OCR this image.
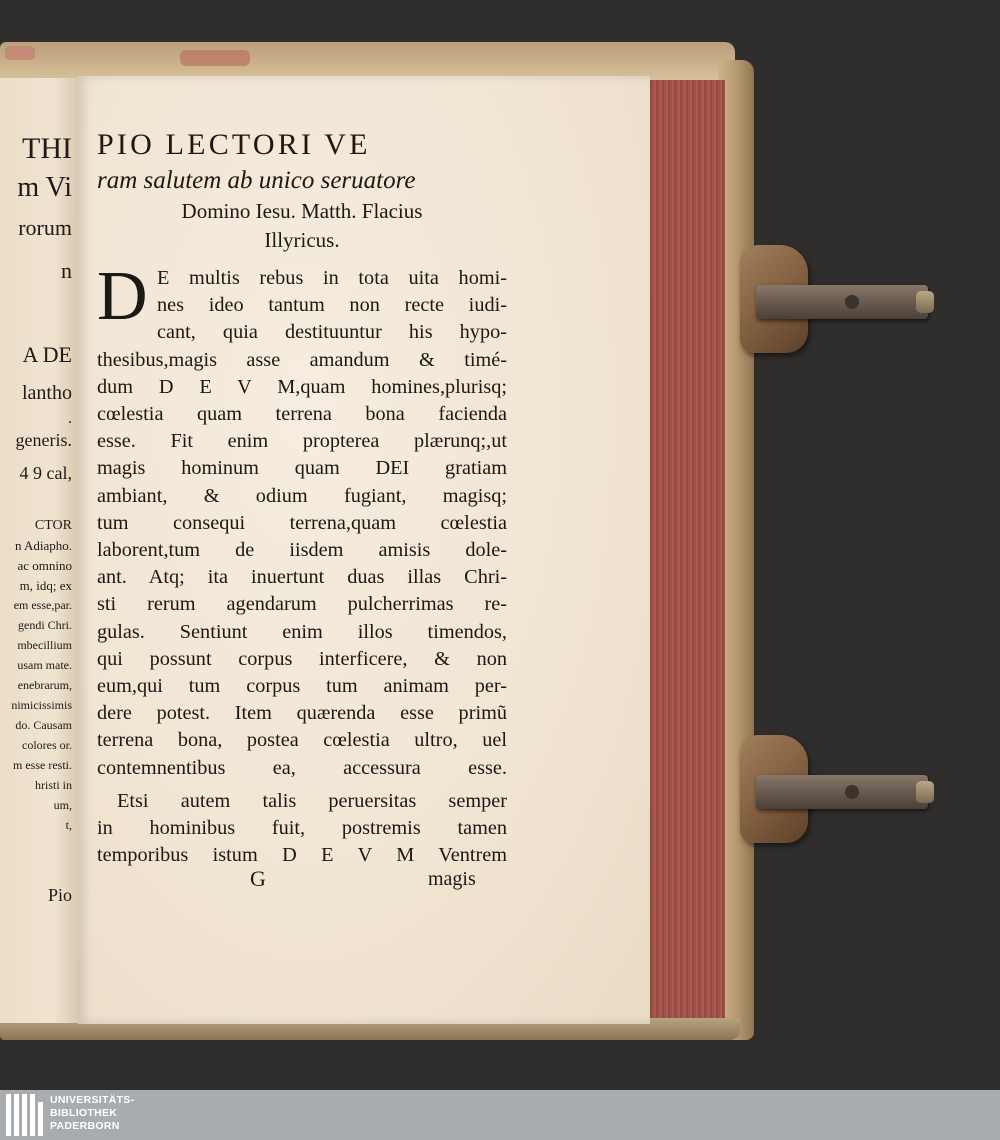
THI
m Vi
rorum
n
A DE
lantho
.
generis.
4 9 cal,
CTOR
n Adiapho.
ac omnino
m, idq; ex
em esse,par.
gendi Chri.
mbecillium
usam mate.
enebrarum,
nimicissimis
do. Causam
colores or.
m esse resti.
hristi in
um,
t,
Pio
PIO LECTORI VE
ram salutem ab unico seruatore
Domino Iesu. Matth. Flacius
Illyricus.
D E multis rebus in tota uita homi-
nes ideo tantum non recte iudi-
cant, quia destituuntur his hypo-
thesibus,magis asse amandum & timé-
dum D E V M,quam homines,plurisq;
cœlestia quam terrena bona facienda
esse. Fit enim propterea plærunq;,ut
magis hominum quam DEI gratiam
ambiant, & odium fugiant, magisq;
tum consequi terrena,quam cœlestia
laborent,tum de iisdem amisis dole-
ant. Atq; ita inuertunt duas illas Chri-
sti rerum agendarum pulcherrimas re-
gulas. Sentiunt enim illos timendos,
qui possunt corpus interficere, & non
eum,qui tum corpus tum animam per-
dere potest. Item quærenda esse primũ
terrena bona, postea cœlestia ultro, uel
contemnentibus ea, accessura esse.
Etsi autem talis peruersitas semper
in hominibus fuit, postremis tamen
temporibus istum D E V M Ventrem
G	magis
UNIVERSITÄTS-
BIBLIOTHEK
PADERBORN
